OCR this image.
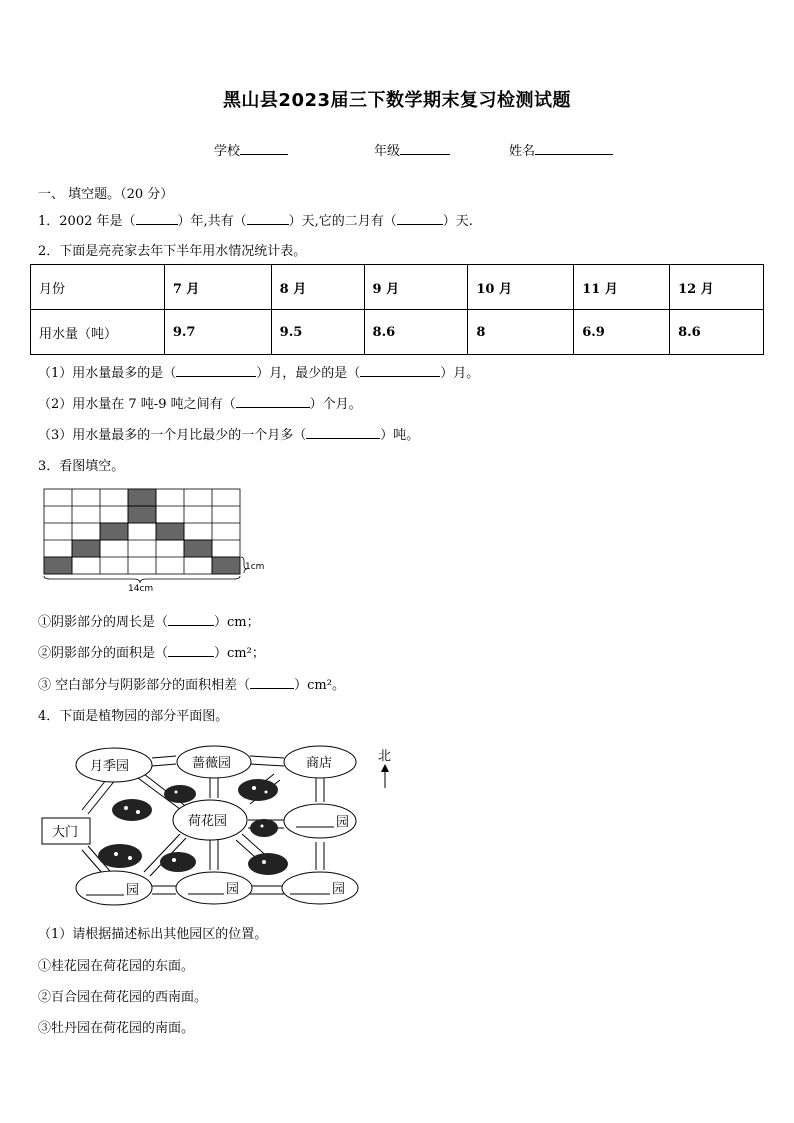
黑山县2023届三下数学期末复习检测试题
学校	年级	姓名
一、 填空题。（20 分）
1．2002 年是（	）年,共有（	）天,它的二月有（	）天.
2．下面是亮亮家去年下半年用水情况统计表。
月份	7 月	8 月	9 月	10 月	11 月	12 月
用水量（吨）	9.7	9.5	8.6	8	6.9	8.6
（1）用水量最多的是（	）月，最少的是（	）月。
（2）用水量在 7 吨-9 吨之间有（	）个月。
（3）用水量最多的一个月比最少的一个月多（	）吨。
3．看图填空。
1cm
14cm
①阴影部分的周长是（	）cm；
②阴影部分的面积是（	）cm²；
③ 空白部分与阴影部分的面积相差（	）cm²。
4．下面是植物园的部分平面图。
月季园	蔷薇园	商店
大门
荷花园	园
园	园	园
北
（1）请根据描述标出其他园区的位置。
①桂花园在荷花园的东面。
②百合园在荷花园的西南面。
③牡丹园在荷花园的南面。
